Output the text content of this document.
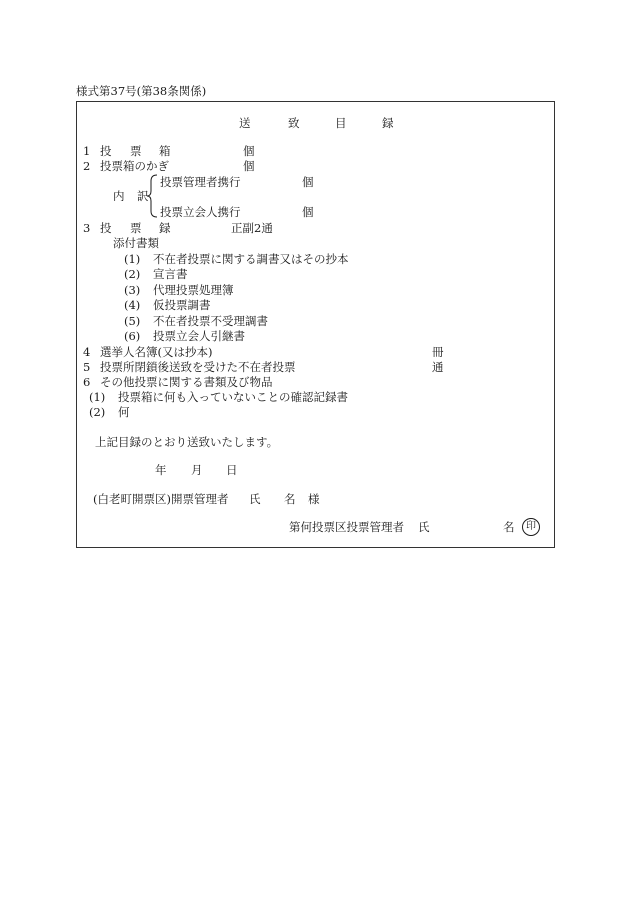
様式第37号(第38条関係)
送	致	目	録
1 投 票 箱	個
2 投票箱のかぎ	個
内 訳
投票管理者携行	個
投票立会人携行	個
3 投 票 録	正副2通
添付書類
(1) 不在者投票に関する調書又はその抄本
(2) 宣言書
(3) 代理投票処理簿
(4) 仮投票調書
(5) 不在者投票不受理調書
(6) 投票立会人引継書
4 選挙人名簿(又は抄本)	冊
5 投票所閉鎖後送致を受けた不在者投票	通
6 その他投票に関する書類及び物品
(1) 投票箱に何も入っていないことの確認記録書
(2) 何
上記目録のとおり送致いたします。
年 月 日
(白老町開票区)開票管理者 氏 名 様
第何投票区投票管理者 氏	名	印
